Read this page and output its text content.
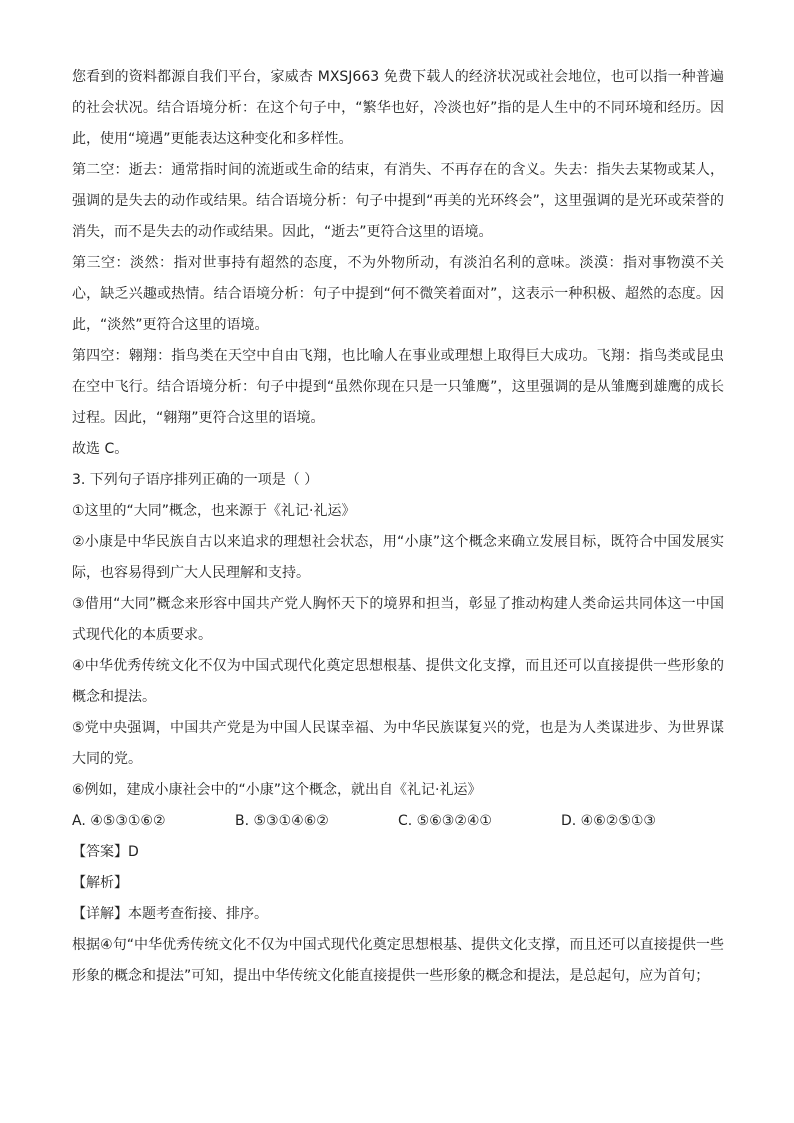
您看到的资料都源自我们平台，家威杏 MXSJ663 免费下载人的经济状况或社会地位，也可以指一种普遍的社会状况。结合语境分析：在这个句子中，“繁华也好，冷淡也好”指的是人生中的不同环境和经历。因此，使用“境遇”更能表达这种变化和多样性。

第二空：逝去：通常指时间的流逝或生命的结束，有消失、不再存在的含义。失去：指失去某物或某人，强调的是失去的动作或结果。结合语境分析：句子中提到“再美的光环终会”，这里强调的是光环或荣誉的消失，而不是失去的动作或结果。因此，“逝去”更符合这里的语境。

第三空：淡然：指对世事持有超然的态度，不为外物所动，有淡泊名利的意味。淡漠：指对事物漠不关心，缺乏兴趣或热情。结合语境分析：句子中提到“何不微笑着面对”，这表示一种积极、超然的态度。因此，“淡然”更符合这里的语境。

第四空：翱翔：指鸟类在天空中自由飞翔，也比喻人在事业或理想上取得巨大成功。飞翔：指鸟类或昆虫在空中飞行。结合语境分析：句子中提到“虽然你现在只是一只雏鹰”，这里强调的是从雏鹰到雄鹰的成长过程。因此，“翱翔”更符合这里的语境。

故选 C。

3. 下列句子语序排列正确的一项是（ ）

①这里的“大同”概念，也来源于《礼记·礼运》

②小康是中华民族自古以来追求的理想社会状态，用“小康”这个概念来确立发展目标，既符合中国发展实际，也容易得到广大人民理解和支持。

③借用“大同”概念来形容中国共产党人胸怀天下的境界和担当，彰显了推动构建人类命运共同体这一中国式现代化的本质要求。

④中华优秀传统文化不仅为中国式现代化奠定思想根基、提供文化支撑，而且还可以直接提供一些形象的概念和提法。

⑤党中央强调，中国共产党是为中国人民谋幸福、为中华民族谋复兴的党，也是为人类谋进步、为世界谋大同的党。

⑥例如，建成小康社会中的“小康”这个概念，就出自《礼记·礼运》

A. ④⑤③①⑥②	B. ⑤③①④⑥②	C. ⑤⑥③②④①	D. ④⑥②⑤①③

【答案】D

【解析】

【详解】本题考查衔接、排序。

根据④句“中华优秀传统文化不仅为中国式现代化奠定思想根基、提供文化支撑，而且还可以直接提供一些形象的概念和提法”可知，提出中华传统文化能直接提供一些形象的概念和提法，是总起句，应为首句；
